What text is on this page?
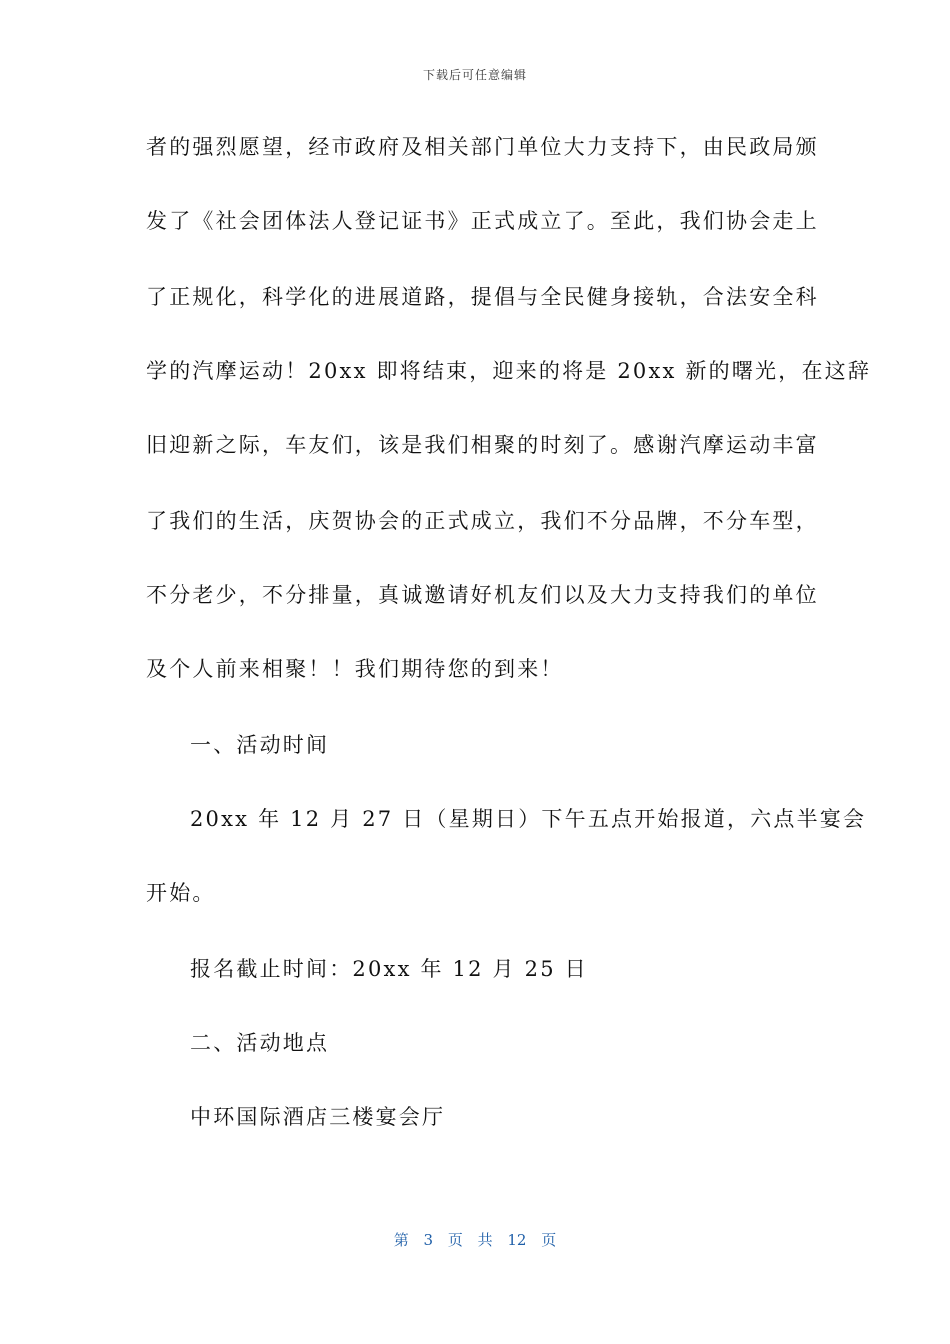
下载后可任意编辑
者的强烈愿望，经市政府及相关部门单位大力支持下，由民政局颁
发了《社会团体法人登记证书》正式成立了。至此，我们协会走上
了正规化，科学化的进展道路，提倡与全民健身接轨，合法安全科
学的汽摩运动！20xx 即将结束，迎来的将是 20xx 新的曙光，在这辞
旧迎新之际，车友们，该是我们相聚的时刻了。感谢汽摩运动丰富
了我们的生活，庆贺协会的正式成立，我们不分品牌，不分车型，
不分老少，不分排量，真诚邀请好机友们以及大力支持我们的单位
及个人前来相聚！！我们期待您的到来！
一、活动时间
20xx 年 12 月 27 日（星期日）下午五点开始报道，六点半宴会
开始。
报名截止时间：20xx 年 12 月 25 日
二、活动地点
中环国际酒店三楼宴会厅
第 3 页 共 12 页
